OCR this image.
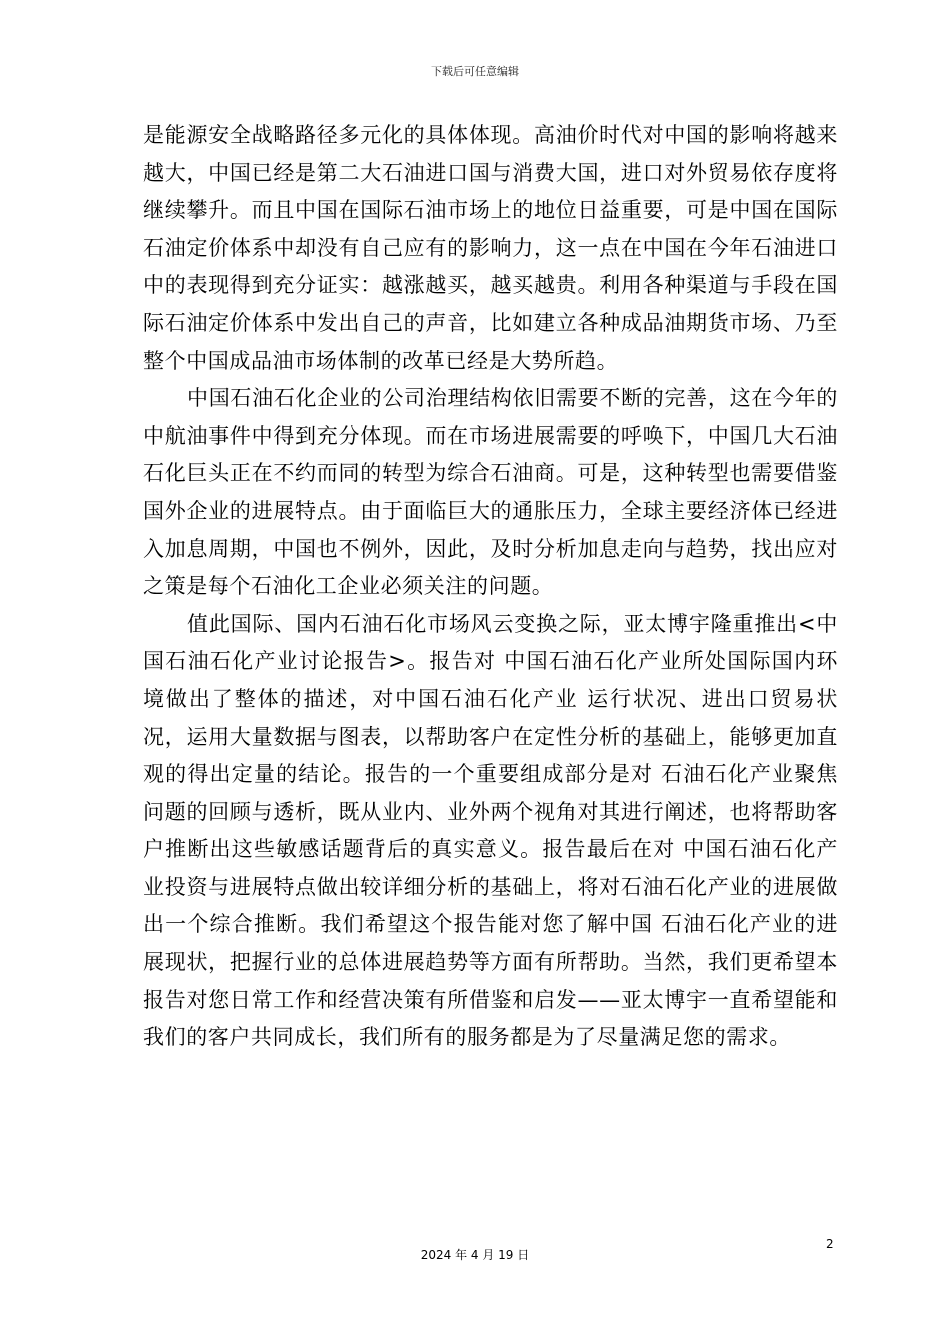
下载后可任意编辑

是能源安全战略路径多元化的具体体现。高油价时代对中国的影响将越来越大，中国已经是第二大石油进口国与消费大国，进口对外贸易依存度将继续攀升。而且中国在国际石油市场上的地位日益重要，可是中国在国际石油定价体系中却没有自己应有的影响力，这一点在中国在今年石油进口中的表现得到充分证实：越涨越买，越买越贵。利用各种渠道与手段在国际石油定价体系中发出自己的声音，比如建立各种成品油期货市场、乃至整个中国成品油市场体制的改革已经是大势所趋。

中国石油石化企业的公司治理结构依旧需要不断的完善，这在今年的中航油事件中得到充分体现。而在市场进展需要的呼唤下，中国几大石油石化巨头正在不约而同的转型为综合石油商。可是，这种转型也需要借鉴国外企业的进展特点。由于面临巨大的通胀压力，全球主要经济体已经进入加息周期，中国也不例外，因此，及时分析加息走向与趋势，找出应对之策是每个石油化工企业必须关注的问题。

值此国际、国内石油石化市场风云变换之际，亚太博宇隆重推出<中国石油石化产业讨论报告>。报告对 中国石油石化产业所处国际国内环境做出了整体的描述，对中国石油石化产业 运行状况、进出口贸易状况，运用大量数据与图表，以帮助客户在定性分析的基础上，能够更加直观的得出定量的结论。报告的一个重要组成部分是对 石油石化产业聚焦问题的回顾与透析，既从业内、业外两个视角对其进行阐述，也将帮助客户推断出这些敏感话题背后的真实意义。报告最后在对 中国石油石化产业投资与进展特点做出较详细分析的基础上，将对石油石化产业的进展做出一个综合推断。我们希望这个报告能对您了解中国 石油石化产业的进展现状，把握行业的总体进展趋势等方面有所帮助。当然，我们更希望本报告对您日常工作和经营决策有所借鉴和启发——亚太博宇一直希望能和我们的客户共同成长，我们所有的服务都是为了尽量满足您的需求。

2
2024 年 4 月 19 日
